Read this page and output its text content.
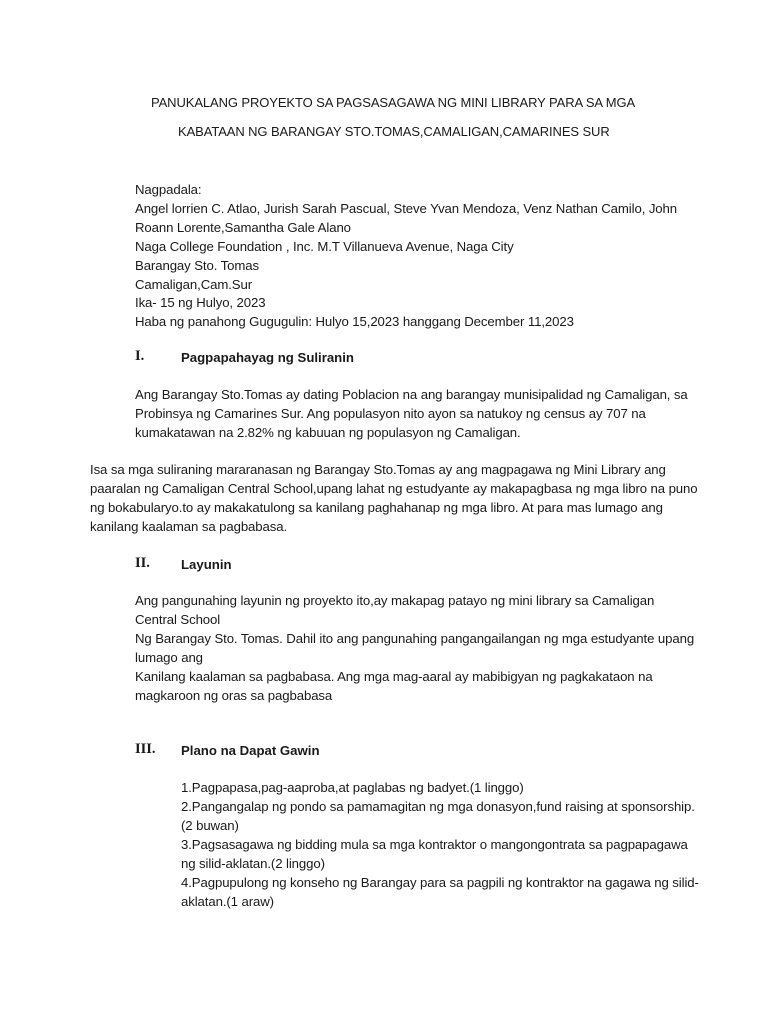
PANUKALANG PROYEKTO SA PAGSASAGAWA NG MINI LIBRARY PARA SA MGA
KABATAAN NG BARANGAY STO.TOMAS,CAMALIGAN,CAMARINES SUR
Nagpadala:
Angel lorrien C. Atlao, Jurish Sarah Pascual, Steve Yvan Mendoza, Venz Nathan Camilo, John
Roann Lorente,Samantha Gale Alano
Naga College Foundation , Inc. M.T Villanueva Avenue, Naga City
Barangay Sto. Tomas
Camaligan,Cam.Sur
Ika- 15 ng Hulyo, 2023
Haba ng panahong Gugugulin: Hulyo 15,2023 hanggang December 11,2023
I.	Pagpapahayag ng Suliranin
Ang Barangay Sto.Tomas ay dating Poblacion na ang barangay munisipalidad ng Camaligan, sa
Probinsya ng Camarines Sur. Ang populasyon nito ayon sa natukoy ng census ay 707 na
kumakatawan na 2.82% ng kabuuan ng populasyon ng Camaligan.
Isa sa mga suliraning mararanasan ng Barangay Sto.Tomas ay ang magpagawa ng Mini Library ang
paaralan ng Camaligan Central School,upang lahat ng estudyante ay makapagbasa ng mga libro na puno
ng bokabularyo.to ay makakatulong sa kanilang paghahanap ng mga libro. At para mas lumago ang
kanilang kaalaman sa pagbabasa.
II. Layunin
Ang pangunahing layunin ng proyekto ito,ay makapag patayo ng mini library sa Camaligan
Central School
Ng Barangay Sto. Tomas. Dahil ito ang pangunahing pangangailangan ng mga estudyante upang
lumago ang
Kanilang kaalaman sa pagbabasa. Ang mga mag-aaral ay mabibigyan ng pagkakataon na
magkaroon ng oras sa pagbabasa
III. Plano na Dapat Gawin
1.Pagpapasa,pag-aaproba,at paglabas ng badyet.(1 linggo)
2.Pangangalap ng pondo sa pamamagitan ng mga donasyon,fund raising at sponsorship.
(2 buwan)
3.Pagsasagawa ng bidding mula sa mga kontraktor o mangongontrata sa pagpapagawa
ng silid-aklatan.(2 linggo)
4.Pagpupulong ng konseho ng Barangay para sa pagpili ng kontraktor na gagawa ng silid-
aklatan.(1 araw)
